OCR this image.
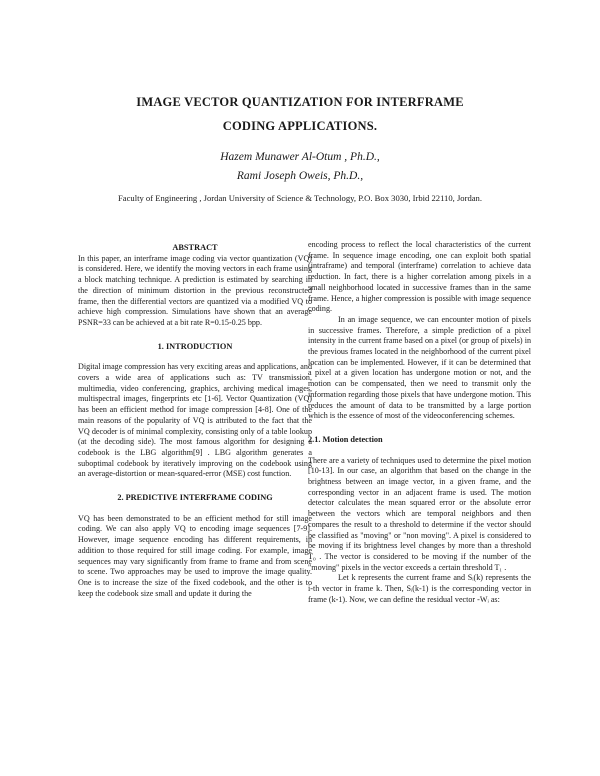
IMAGE VECTOR QUANTIZATION FOR INTERFRAME
CODING APPLICATIONS.
Hazem Munawer Al-Otum , Ph.D.,
Rami Joseph Oweis, Ph.D.,
Faculty of Engineering , Jordan University of Science & Technology, P.O. Box 3030, Irbid 22110, Jordan.
ABSTRACT

In this paper, an interframe image coding via vector quantization (VQ) is considered. Here, we identify the moving vectors in each frame using a block matching technique. A prediction is estimated by searching in the direction of minimum distortion in the previous reconstructed frame, then the differential vectors are quantized via a modified VQ to achieve high compression. Simulations have shown that an average PSNR=33 can be achieved at a bit rate R=0.15-0.25 bpp.

1. INTRODUCTION

Digital image compression has very exciting areas and applications, and covers a wide area of applications such as: TV transmission, multimedia, video conferencing, graphics, archiving medical images, multispectral images, fingerprints etc [1-6]. Vector Quantization (VQ) has been an efficient method for image compression [4-8]. One of the main reasons of the popularity of VQ is attributed to the fact that the VQ decoder is of minimal complexity, consisting only of a table lookup (at the decoding side). The most famous algorithm for designing a codebook is the LBG algorithm[9] . LBG algorithm generates a suboptimal codebook by iteratively improving on the codebook using an average-distortion or mean-squared-error (MSE) cost function.

2. PREDICTIVE INTERFRAME CODING

VQ has been demonstrated to be an efficient method for still image coding. We can also apply VQ to encoding image sequences [7-9]. However, image sequence encoding has different requirements, in addition to those required for still image coding. For example, image sequences may vary significantly from frame to frame and from scene to scene. Two approaches may be used to improve the image quality. One is to increase the size of the fixed codebook, and the other is to keep the codebook size small and update it during the

encoding process to reflect the local characteristics of the current frame. In sequence image encoding, one can exploit both spatial (intraframe) and temporal (interframe) correlation to achieve data reduction. In fact, there is a higher correlation among pixels in a small neighborhood located in successive frames than in the same frame. Hence, a higher compression is possible with image sequence coding.

In an image sequence, we can encounter motion of pixels in successive frames. Therefore, a simple prediction of a pixel intensity in the current frame based on a pixel (or group of pixels) in the previous frames located in the neighborhood of the current pixel location can be implemented. However, if it can be determined that a pixel at a given location has undergone motion or not, and the motion can be compensated, then we need to transmit only the information regarding those pixels that have undergone motion. This reduces the amount of data to be transmitted by a large portion which is the essence of most of the videoconferencing schemes.

2.1. Motion detection

There are a variety of techniques used to determine the pixel motion [10-13]. In our case, an algorithm that based on the change in the brightness between an image vector, in a given frame, and the corresponding vector in an adjacent frame is used. The motion detector calculates the mean squared error or the absolute error between the vectors which are temporal neighbors and then compares the result to a threshold to determine if the vector should be classified as "moving" or "non moving". A pixel is considered to be moving if its brightness level changes by more than a threshold T₀ . The vector is considered to be moving if the number of the "moving" pixels in the vector exceeds a certain threshold T₁ .

Let k represents the current frame and Sᵢ(k) represents the i-th vector in frame k. Then, Sᵢ(k-1) is the corresponding vector in frame (k-1). Now, we can define the residual vector -Wᵢ as:
